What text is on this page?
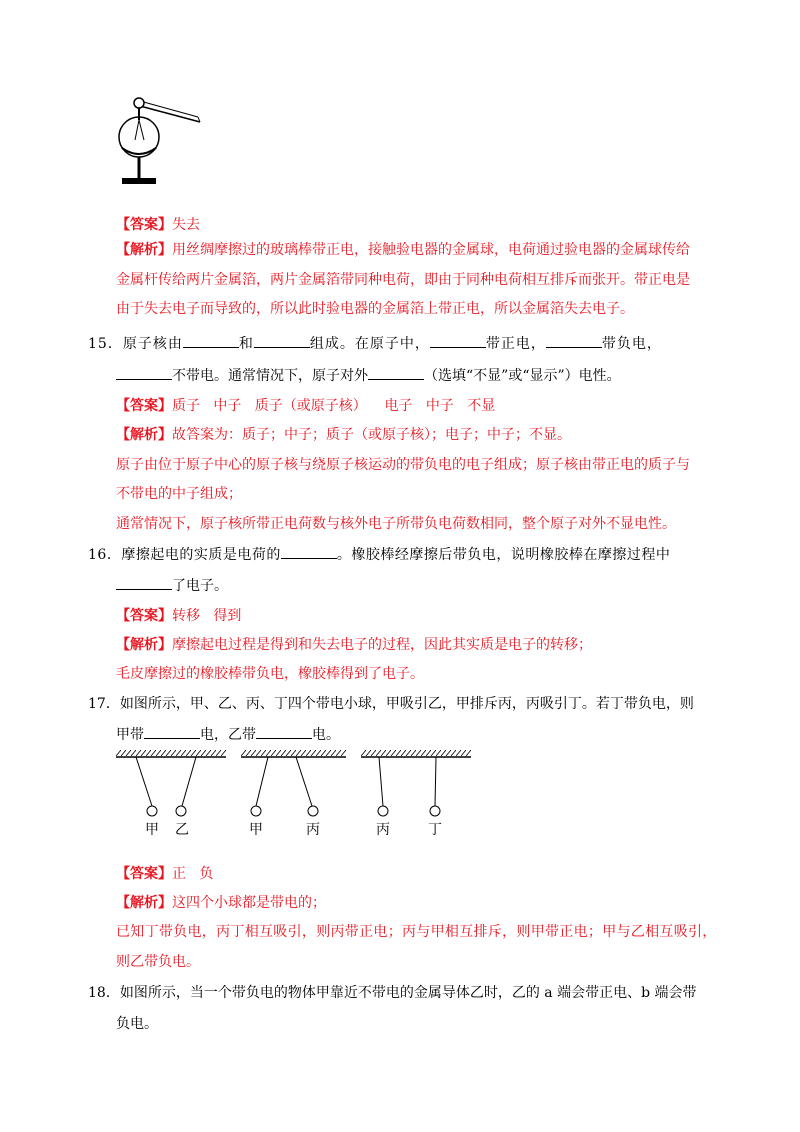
【答案】失去
【解析】用丝绸摩擦过的玻璃棒带正电，接触验电器的金属球，电荷通过验电器的金属球传给
金属杆传给两片金属箔，两片金属箔带同种电荷，即由于同种电荷相互排斥而张开。带正电是
由于失去电子而导致的，所以此时验电器的金属箔上带正电，所以金属箔失去电子。
15．原子核由	和	组成。在原子中，	带正电，	带负电，
不带电。通常情况下，原子对外	（选填“不显”或“显示”）电性。
【答案】质子   中子   质子（或原子核）    电子   中子   不显
【解析】故答案为：质子；中子；质子（或原子核）；电子；中子；不显。
原子由位于原子中心的原子核与绕原子核运动的带负电的电子组成；原子核由带正电的质子与
不带电的中子组成；
通常情况下，原子核所带正电荷数与核外电子所带负电荷数相同，整个原子对外不显电性。
16．摩擦起电的实质是电荷的	。橡胶棒经摩擦后带负电，说明橡胶棒在摩擦过程中
了电子。
【答案】转移   得到
【解析】摩擦起电过程是得到和失去电子的过程，因此其实质是电子的转移；
毛皮摩擦过的橡胶棒带负电，橡胶棒得到了电子。
17．如图所示，甲、乙、丙、丁四个带电小球，甲吸引乙，甲排斥丙，丙吸引丁。若丁带负电，则
甲带	电，乙带	电。
甲 乙	甲	丙	丙	丁
【答案】正   负
【解析】这四个小球都是带电的；
已知丁带负电，丙丁相互吸引，则丙带正电；丙与甲相互排斥，则甲带正电；甲与乙相互吸引，
则乙带负电。
18．如图所示，当一个带负电的物体甲靠近不带电的金属导体乙时，乙的 a 端会带正电、b 端会带
负电。
